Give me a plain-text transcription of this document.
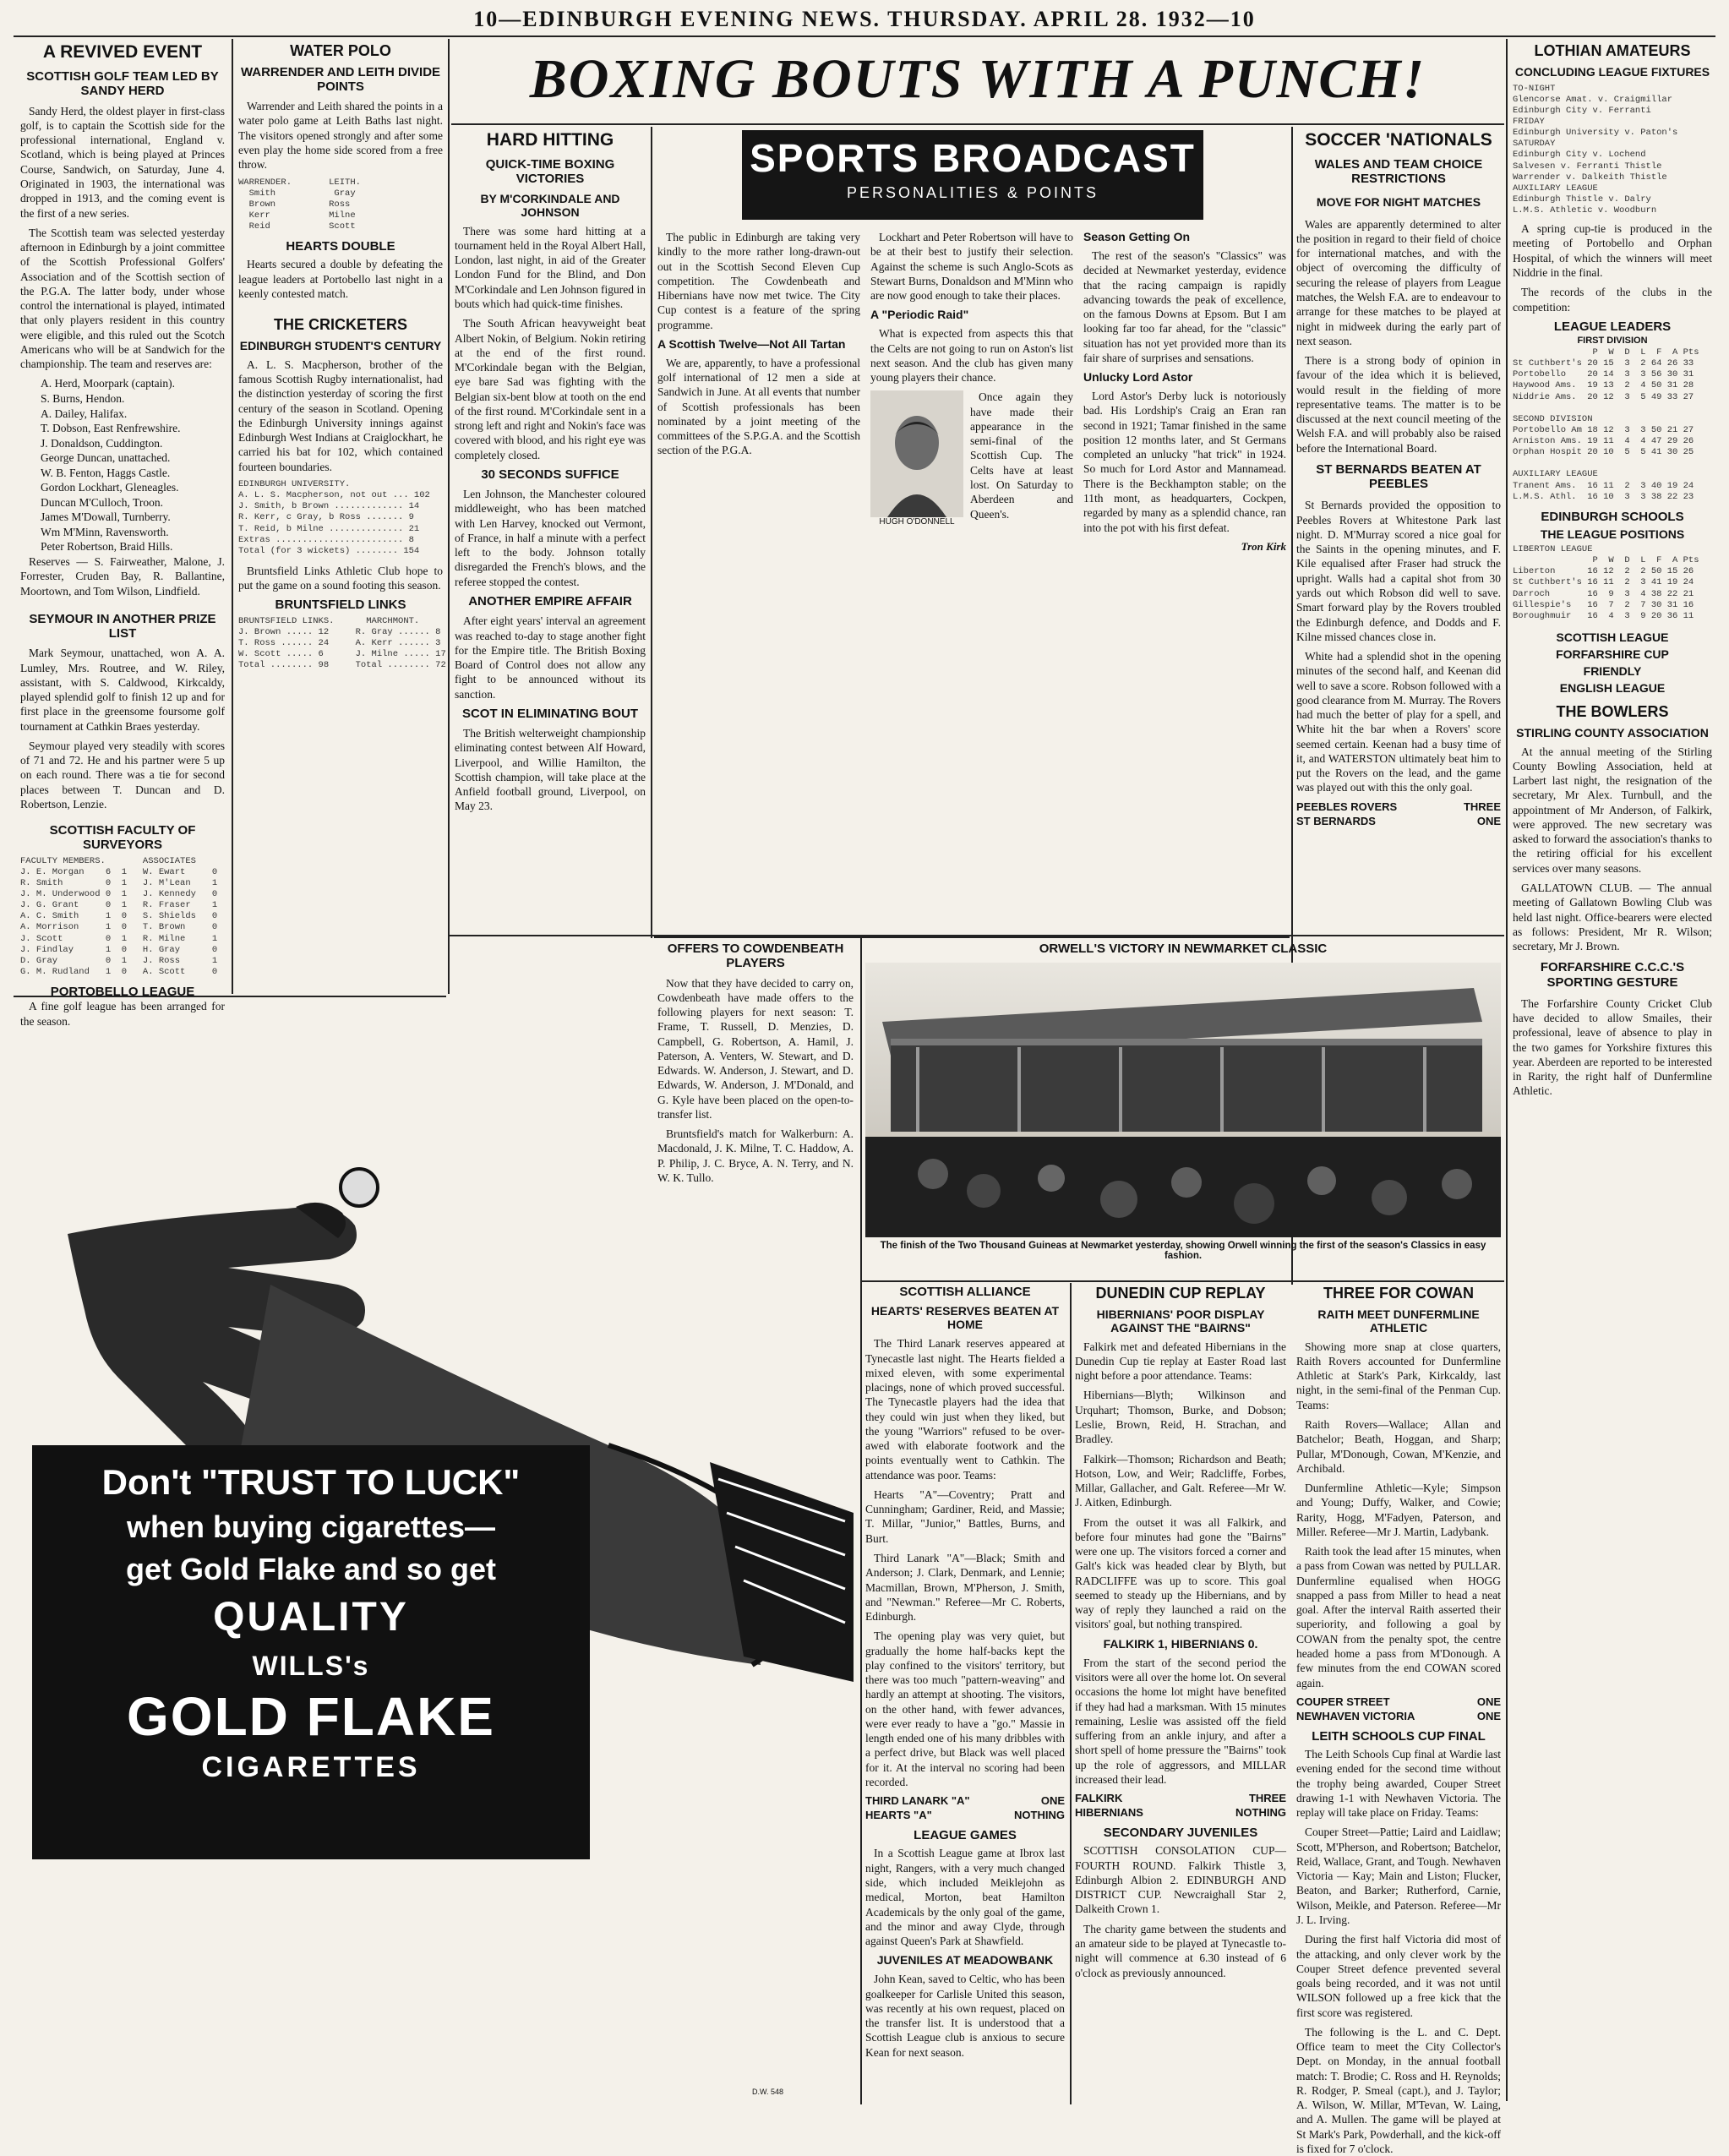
10—EDINBURGH EVENING NEWS. THURSDAY. APRIL 28. 1932—10
BOXING BOUTS WITH A PUNCH!
A REVIVED EVENT
SCOTTISH GOLF TEAM LED BY SANDY HERD

Sandy Herd, the oldest player in first-class golf, is to captain the Scottish side for the professional international, England v. Scotland, which is being played at Princes Course, Sandwich, on Saturday, June 4. Originated in 1903, the international was dropped in 1913, and the coming event is the first of a new series.

The Scottish team was selected yesterday afternoon in Edinburgh by a joint committee of the Scottish Professional Golfers' Association and of the Scottish section of the P.G.A. The latter body, under whose control the international is played, intimated that only players resident in this country were eligible, and this ruled out the Scotch Americans who will be at Sandwich for the championship. The team and reserves are:

A. Herd, Moorpark (captain).
S. Burns, Hendon.
A. Dailey, Halifax.
T. Dobson, East Renfrewshire.
J. Donaldson, Cuddington.
George Duncan, unattached.
W. B. Fenton, Haggs Castle.
Gordon Lockhart, Gleneagles.
Duncan M'Culloch, Troon.
James M'Dowall, Turnberry.
Wm M'Minn, Ravensworth.
Peter Robertson, Braid Hills.

Reserves — S. Fairweather, Malone, J. Forrester, Cruden Bay, R. Ballantine, Moortown, and Tom Wilson, Lindfield.

SEYMOUR IN ANOTHER PRIZE LIST

Mark Seymour, unattached, won A. A. Lumley, Mrs. Routree, and W. Riley, assistant, with S. Caldwood, Kirkcaldy, played splendid golf to finish 12 up and for first place in the greensome foursome golf tournament at Cathkin Braes yesterday.

Seymour played very steadily with scores of 71 and 72. He and his partner were 5 up on each round. There was a tie for second places between T. Duncan and D. Robertson, Lenzie.

SCOTTISH FACULTY OF SURVEYORS
FACULTY MEMBERS.       ASSOCIATES
J. E. Morgan    6  1   W. Ewart     0
R. Smith        0  1   J. M'Lean    1
J. M. Underwood 0  1   J. Kennedy   0
J. G. Grant     0  1   R. Fraser    1
A. C. Smith     1  0   S. Shields   0
A. Morrison     1  0   T. Brown     0
J. Scott        0  1   R. Milne     1
J. Findlay      1  0   H. Gray      0
D. Gray         0  1   J. Ross      1
G. M. Rudland   1  0   A. Scott     0
PORTOBELLO LEAGUE

A fine golf league has been arranged for the season.

WATER POLO
WARRENDER AND LEITH DIVIDE POINTS

Warrender and Leith shared the points in a water polo game at Leith Baths last night. The visitors opened strongly and after some even play the home side scored from a free throw.

WARRENDER.       LEITH.
Smith           Gray
Brown          Ross
Kerr           Milne
Reid           Scott
HEARTS DOUBLE

Hearts secured a double by defeating the league leaders at Portobello last night in a keenly contested match.

THE CRICKETERS
EDINBURGH STUDENT'S CENTURY

A. L. S. Macpherson, brother of the famous Scottish Rugby internationalist, had the distinction yesterday of scoring the first century of the season in Scotland. Opening the Edinburgh University innings against Edinburgh West Indians at Craiglockhart, he carried his bat for 102, which contained fourteen boundaries.

EDINBURGH UNIVERSITY.
A. L. S. Macpherson, not out ... 102
J. Smith, b Brown ............. 14
R. Kerr, c Gray, b Ross ....... 9
T. Reid, b Milne .............. 21
Extras ........................ 8
Total (for 3 wickets) ........ 154

Bruntsfield Links Athletic Club hope to put the game on a sound footing this season.

BRUNTSFIELD LINKS
BRUNTSFIELD LINKS.      MARCHMONT.
J. Brown ..... 12     R. Gray ...... 8
T. Ross ...... 24     A. Kerr ...... 3
W. Scott ..... 6      J. Milne ..... 17
Total ........ 98     Total ........ 72
HARD HITTING
QUICK-TIME BOXING VICTORIES
BY M'CORKINDALE AND JOHNSON

There was some hard hitting at a tournament held in the Royal Albert Hall, London, last night, in aid of the Greater London Fund for the Blind, and Don M'Corkindale and Len Johnson figured in bouts which had quick-time finishes.

The South African heavyweight beat Albert Nokin, of Belgium. Nokin retiring at the end of the first round. M'Corkindale began with the Belgian, eye bare Sad was fighting with the Belgian six-bent blow at tooth on the end of the first round. M'Corkindale sent in a strong left and right and Nokin's face was covered with blood, and his right eye was completely closed.

30 SECONDS SUFFICE

Len Johnson, the Manchester coloured middleweight, who has been matched with Len Harvey, knocked out Vermont, of France, in half a minute with a perfect left to the body. Johnson totally disregarded the French's blows, and the referee stopped the contest.

ANOTHER EMPIRE AFFAIR

After eight years' interval an agreement was reached to-day to stage another fight for the Empire title. The British Boxing Board of Control does not allow any fight to be announced without its sanction.

SCOT IN ELIMINATING BOUT

The British welterweight championship eliminating contest between Alf Howard, Liverpool, and Willie Hamilton, the Scottish champion, will take place at the Anfield football ground, Liverpool, on May 23.

SPORTS BROADCAST
PERSONALITIES & POINTS

The public in Edinburgh are taking very kindly to the more rather long-drawn-out out in the Scottish Second Eleven Cup competition. The Cowdenbeath and Hibernians have now met twice. The City Cup contest is a feature of the spring programme.

A Scottish Twelve—Not All Tartan

We are, apparently, to have a professional golf international of 12 men a side at Sandwich in June. At all events that number of Scottish professionals has been nominated by a joint meeting of the committees of the S.P.G.A. and the Scottish section of the P.G.A.

Lockhart and Peter Robertson will have to be at their best to justify their selection. Against the scheme is such Anglo-Scots as Stewart Burns, Donaldson and M'Minn who are now good enough to take their places.

A "Periodic Raid"

What is expected from aspects this that the Celts are not going to run on Aston's list next season. And the club has given many young players their chance.

HUGH O'DONNELL

Once again they have made their appearance in the semi-final of the Scottish Cup. The Celts have at least lost. On Saturday to Aberdeen and Queen's.

Season Getting On

The rest of the season's "Classics" was decided at Newmarket yesterday, evidence that the racing campaign is rapidly advancing towards the peak of excellence, on the famous Downs at Epsom. But I am looking far too far ahead, for the "classic" situation has not yet provided more than its fair share of surprises and sensations.

Unlucky Lord Astor

Lord Astor's Derby luck is notoriously bad. His Lordship's Craig an Eran ran second in 1921; Tamar finished in the same position 12 months later, and St Germans completed an unlucky "hat trick" in 1924. So much for Lord Astor and Mannamead. There is the Beckhampton stable; on the 11th mont, as headquarters, Cockpen, regarded by many as a splendid chance, ran into the pot with his first defeat.

Tron Kirk
SOCCER 'NATIONALS
WALES AND TEAM CHOICE RESTRICTIONS
MOVE FOR NIGHT MATCHES

Wales are apparently determined to alter the position in regard to their field of choice for international matches, and with the object of overcoming the difficulty of securing the release of players from League matches, the Welsh F.A. are to endeavour to arrange for these matches to be played at night in midweek during the early part of next season.

There is a strong body of opinion in favour of the idea which it is believed, would result in the fielding of more representative teams. The matter is to be discussed at the next council meeting of the Welsh F.A. and will probably also be raised before the International Board.

ST BERNARDS BEATEN AT PEEBLES

St Bernards provided the opposition to Peebles Rovers at Whitestone Park last night. D. M'Murray scored a nice goal for the Saints in the opening minutes, and F. Kile equalised after Fraser had struck the upright. Walls had a capital shot from 30 yards out which Robson did well to save. Smart forward play by the Rovers troubled the Edinburgh defence, and Dodds and F. Kilne missed chances close in.

White had a splendid shot in the opening minutes of the second half, and Keenan did well to save a score. Robson followed with a good clearance from M. Murray. The Rovers had much the better of play for a spell, and White hit the bar when a Rovers' score seemed certain. Keenan had a busy time of it, and WATERSTON ultimately beat him to put the Rovers on the lead, and the game was played out with this the only goal.

PEEBLES ROVERS	THREE
ST BERNARDS	ONE
LOTHIAN AMATEURS
CONCLUDING LEAGUE FIXTURES
TO-NIGHT
Glencorse Amat. v. Craigmillar
Edinburgh City v. Ferranti
FRIDAY
Edinburgh University v. Paton's
SATURDAY
Edinburgh City v. Lochend
Salvesen v. Ferranti Thistle
Warrender v. Dalkeith Thistle
AUXILIARY LEAGUE
Edinburgh Thistle v. Dalry
L.M.S. Athletic v. Woodburn

A spring cup-tie is produced in the meeting of Portobello and Orphan Hospital, of which the winners will meet Niddrie in the final.

The records of the clubs in the competition:

LEAGUE LEADERS
FIRST DIVISION
P  W  D  L  F  A Pts
St Cuthbert's 20 15  3  2 64 26 33
Portobello    20 14  3  3 56 30 31
Haywood Ams.  19 13  2  4 50 31 28
Niddrie Ams.  20 12  3  5 49 33 27

SECOND DIVISION
Portobello Am 18 12  3  3 50 21 27
Arniston Ams. 19 11  4  4 47 29 26
Orphan Hospit 20 10  5  5 41 30 25

AUXILIARY LEAGUE
Tranent Ams.  16 11  2  3 40 19 24
L.M.S. Athl.  16 10  3  3 38 22 23
EDINBURGH SCHOOLS
THE LEAGUE POSITIONS
LIBERTON LEAGUE
P  W  D  L  F  A Pts
Liberton      16 12  2  2 50 15 26
St Cuthbert's 16 11  2  3 41 19 24
Darroch       16  9  3  4 38 22 21
Gillespie's   16  7  2  7 30 31 16
Boroughmuir   16  4  3  9 20 36 11
SCOTTISH LEAGUE
FORFARSHIRE CUP
FRIENDLY
ENGLISH LEAGUE
THE BOWLERS
STIRLING COUNTY ASSOCIATION

At the annual meeting of the Stirling County Bowling Association, held at Larbert last night, the resignation of the secretary, Mr Alex. Turnbull, and the appointment of Mr Anderson, of Falkirk, were approved. The new secretary was asked to forward the association's thanks to the retiring official for his excellent services over many seasons.

GALLATOWN CLUB. — The annual meeting of Gallatown Bowling Club was held last night. Office-bearers were elected as follows: President, Mr R. Wilson; secretary, Mr J. Brown.

FORFARSHIRE C.C.C.'S SPORTING GESTURE

The Forfarshire County Cricket Club have decided to allow Smailes, their professional, leave of absence to play in the two games for Yorkshire fixtures this year. Aberdeen are reported to be interested in Rarity, the right half of Dunfermline Athletic.

OFFERS TO COWDENBEATH PLAYERS

Now that they have decided to carry on, Cowdenbeath have made offers to the following players for next season: T. Frame, T. Russell, D. Menzies, D. Campbell, G. Robertson, A. Hamil, J. Paterson, A. Venters, W. Stewart, and D. Edwards. W. Anderson, J. Stewart, and D. Edwards, W. Anderson, J. M'Donald, and G. Kyle have been placed on the open-to-transfer list.

Bruntsfield's match for Walkerburn: A. Macdonald, J. K. Milne, T. C. Haddow, A. P. Philip, J. C. Bryce, A. N. Terry, and N. W. K. Tullo.

ORWELL'S VICTORY IN NEWMARKET CLASSIC
The finish of the Two Thousand Guineas at Newmarket yesterday, showing Orwell winning the first of the season's Classics in easy fashion.
Don't "TRUST TO LUCK"
when buying cigarettes—
get Gold Flake and so get
QUALITY
WILLS's
GOLD FLAKE
CIGARETTES
D.W. 548
SCOTTISH ALLIANCE
HEARTS' RESERVES BEATEN AT HOME

The Third Lanark reserves appeared at Tynecastle last night. The Hearts fielded a mixed eleven, with some experimental placings, none of which proved successful. The Tynecastle players had the idea that they could win just when they liked, but the young "Warriors" refused to be over-awed with elaborate footwork and the points eventually went to Cathkin. The attendance was poor. Teams:

Hearts "A"—Coventry; Pratt and Cunningham; Gardiner, Reid, and Massie; T. Millar, "Junior," Battles, Burns, and Burt.

Third Lanark "A"—Black; Smith and Anderson; J. Clark, Denmark, and Lennie; Macmillan, Brown, M'Pherson, J. Smith, and "Newman." Referee—Mr C. Roberts, Edinburgh.

The opening play was very quiet, but gradually the home half-backs kept the play confined to the visitors' territory, but there was too much "pattern-weaving" and hardly an attempt at shooting. The visitors, on the other hand, with fewer advances, were ever ready to have a "go." Massie in length ended one of his many dribbles with a perfect drive, but Black was well placed for it. At the interval no scoring had been recorded.

THIRD LANARK "A"	ONE
HEARTS "A"	NOTHING
LEAGUE GAMES

In a Scottish League game at Ibrox last night, Rangers, with a very much changed side, which included Meiklejohn as medical, Morton, beat Hamilton Academicals by the only goal of the game, and the minor and away Clyde, through against Queen's Park at Shawfield.

JUVENILES AT MEADOWBANK

John Kean, saved to Celtic, who has been goalkeeper for Carlisle United this season, was recently at his own request, placed on the transfer list. It is understood that a Scottish League club is anxious to secure Kean for next season.

DUNEDIN CUP REPLAY
HIBERNIANS' POOR DISPLAY AGAINST THE "BAIRNS"

Falkirk met and defeated Hibernians in the Dunedin Cup tie replay at Easter Road last night before a poor attendance. Teams:

Hibernians—Blyth; Wilkinson and Urquhart; Thomson, Burke, and Dobson; Leslie, Brown, Reid, H. Strachan, and Bradley.

Falkirk—Thomson; Richardson and Beath; Hotson, Low, and Weir; Radcliffe, Forbes, Millar, Gallacher, and Galt. Referee—Mr W. J. Aitken, Edinburgh.

From the outset it was all Falkirk, and before four minutes had gone the "Bairns" were one up. The visitors forced a corner and Galt's kick was headed clear by Blyth, but RADCLIFFE was up to score. This goal seemed to steady up the Hibernians, and by way of reply they launched a raid on the visitors' goal, but nothing transpired.

FALKIRK 1, HIBERNIANS 0.

From the start of the second period the visitors were all over the home lot. On several occasions the home lot might have benefited if they had had a marksman. With 15 minutes remaining, Leslie was assisted off the field suffering from an ankle injury, and after a short spell of home pressure the "Bairns" took up the role of aggressors, and MILLAR increased their lead.

FALKIRK	THREE
HIBERNIANS	NOTHING
SECONDARY JUVENILES

SCOTTISH CONSOLATION CUP—FOURTH ROUND. Falkirk Thistle 3, Edinburgh Albion 2. EDINBURGH AND DISTRICT CUP. Newcraighall Star 2, Dalkeith Crown 1.

The charity game between the students and an amateur side to be played at Tynecastle to-night will commence at 6.30 instead of 6 o'clock as previously announced.

THREE FOR COWAN
RAITH MEET DUNFERMLINE ATHLETIC

Showing more snap at close quarters, Raith Rovers accounted for Dunfermline Athletic at Stark's Park, Kirkcaldy, last night, in the semi-final of the Penman Cup. Teams:

Raith Rovers—Wallace; Allan and Batchelor; Beath, Hoggan, and Sharp; Pullar, M'Donough, Cowan, M'Kenzie, and Archibald.

Dunfermline Athletic—Kyle; Simpson and Young; Duffy, Walker, and Cowie; Rarity, Hogg, M'Fadyen, Paterson, and Miller. Referee—Mr J. Martin, Ladybank.

Raith took the lead after 15 minutes, when a pass from Cowan was netted by PULLAR. Dunfermline equalised when HOGG snapped a pass from Miller to head a neat goal. After the interval Raith asserted their superiority, and following a goal by COWAN from the penalty spot, the centre headed home a pass from M'Donough. A few minutes from the end COWAN scored again.

COUPER STREET	ONE
NEWHAVEN VICTORIA	ONE
LEITH SCHOOLS CUP FINAL

The Leith Schools Cup final at Wardie last evening ended for the second time without the trophy being awarded, Couper Street drawing 1-1 with Newhaven Victoria. The replay will take place on Friday. Teams:

Couper Street—Pattie; Laird and Laidlaw; Scott, M'Pherson, and Robertson; Batchelor, Reid, Wallace, Grant, and Tough. Newhaven Victoria — Kay; Main and Liston; Flucker, Beaton, and Barker; Rutherford, Carnie, Wilson, Meikle, and Paterson. Referee—Mr J. L. Irving.

During the first half Victoria did most of the attacking, and only clever work by the Couper Street defence prevented several goals being recorded, and it was not until WILSON followed up a free kick that the first score was registered.

The following is the L. and C. Dept. Office team to meet the City Collector's Dept. on Monday, in the annual football match: T. Brodie; C. Ross and H. Reynolds; R. Rodger, P. Smeal (capt.), and J. Taylor; A. Wilson, W. Millar, M'Tevan, W. Laing, and A. Mullen. The game will be played at St Mark's Park, Powderhall, and the kick-off is fixed for 7 o'clock.
